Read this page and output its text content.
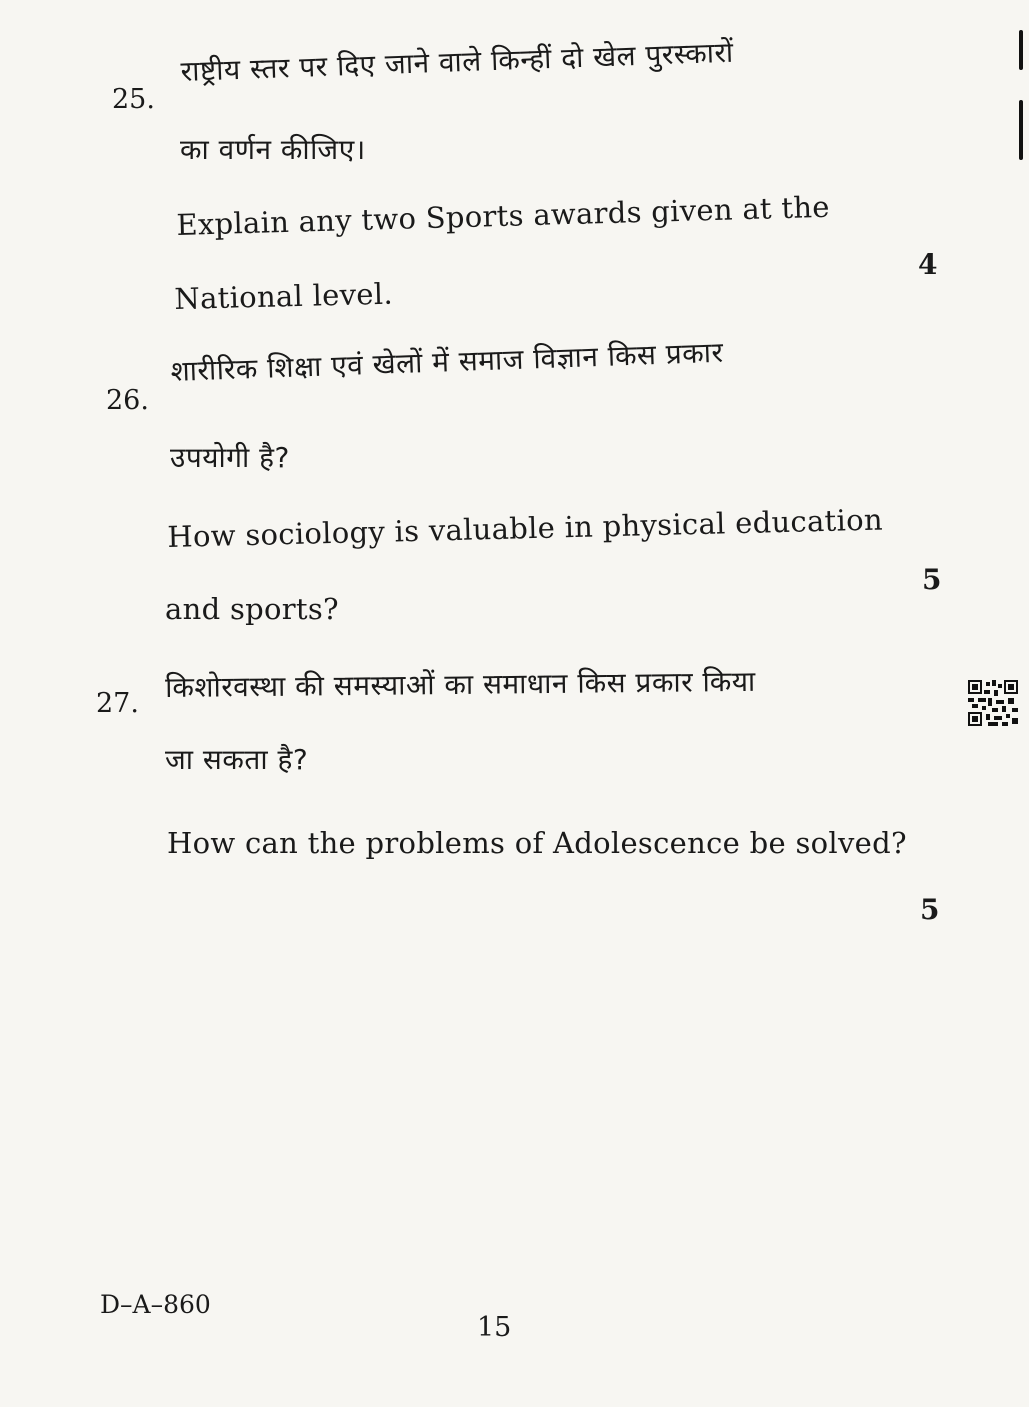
25.
राष्ट्रीय स्तर पर दिए जाने वाले किन्हीं दो खेल पुरस्कारों
का वर्णन कीजिए।
Explain any two Sports awards given at the
National level.
4
26.
शारीरिक शिक्षा एवं खेलों में समाज विज्ञान किस प्रकार
उपयोगी है?
How sociology is valuable in physical education
and sports?
5
27. किशोरवस्था की समस्याओं का समाधान किस प्रकार किया
जा सकता है?
How can the problems of Adolescence be solved?
5
D–A–860
15
